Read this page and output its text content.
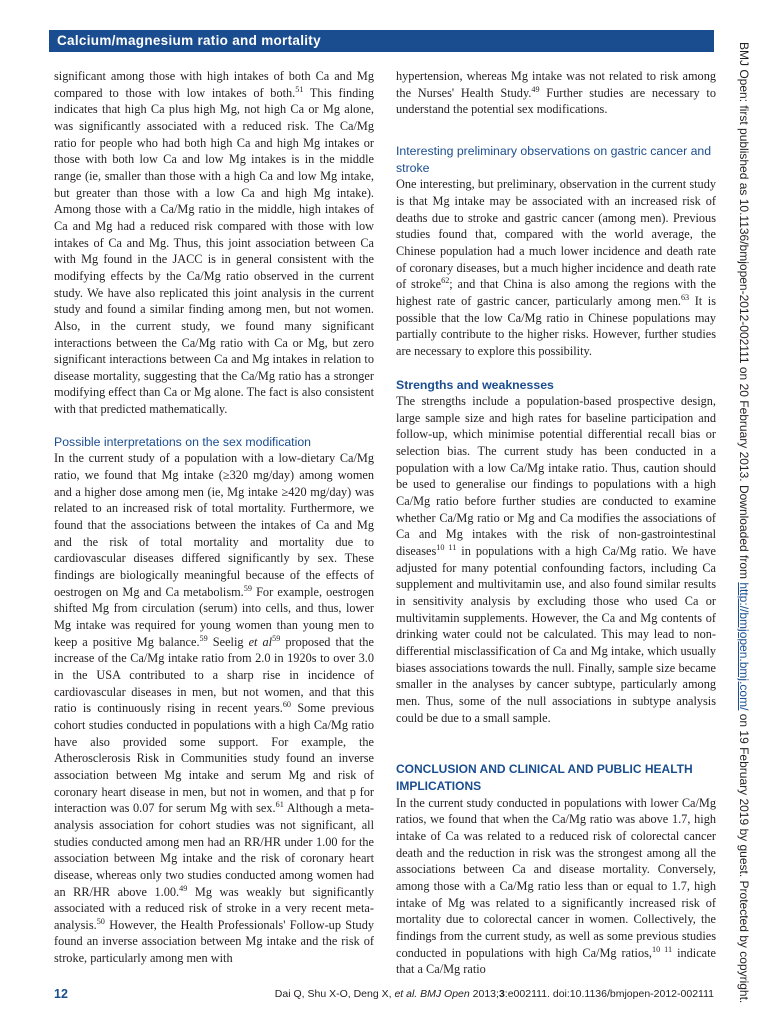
Calcium/magnesium ratio and mortality

significant among those with high intakes of both Ca and Mg compared to those with low intakes of both.$^{51}$ This finding indicates that high Ca plus high Mg, not high Ca or Mg alone, was significantly associated with a reduced risk. The Ca/Mg ratio for people who had both high Ca and high Mg intakes or those with both low Ca and low Mg intakes is in the middle range (ie, smaller than those with a high Ca and low Mg intake, but greater than those with a low Ca and high Mg intake). Among those with a Ca/Mg ratio in the middle, high intakes of Ca and Mg had a reduced risk compared with those with low intakes of Ca and Mg. Thus, this joint association between Ca with Mg found in the JACC is in general consistent with the modifying effects by the Ca/Mg ratio observed in the current study. We have also replicated this joint analysis in the current study and found a similar finding among men, but not women. Also, in the current study, we found many significant interactions between the Ca/Mg ratio with Ca or Mg, but zero significant interactions between Ca and Mg intakes in relation to disease mortality, suggesting that the Ca/Mg ratio has a stronger modifying effect than Ca or Mg alone. The fact is also consistent with that predicted mathematically.

Possible interpretations on the sex modification

In the current study of a population with a low-dietary Ca/Mg ratio, we found that Mg intake (≥320 mg/day) among women and a higher dose among men (ie, Mg intake ≥420 mg/day) was related to an increased risk of total mortality. Furthermore, we found that the associations between the intakes of Ca and Mg and the risk of total mortality and mortality due to cardiovascular diseases differed significantly by sex. These findings are biologically meaningful because of the effects of oestrogen on Mg and Ca metabolism.$^{59}$ For example, oestrogen shifted Mg from circulation (serum) into cells, and thus, lower Mg intake was required for young women than young men to keep a positive Mg balance.$^{59}$ Seelig et $al^{59}$ proposed that the increase of the Ca/Mg intake ratio from 2.0 in 1920s to over 3.0 in the USA contributed to a sharp rise in incidence of cardiovascular diseases in men, but not women, and that this ratio is continuously rising in recent years.$^{60}$ Some previous cohort studies conducted in populations with a high Ca/Mg ratio have also provided some support. For example, the Atherosclerosis Risk in Communities study found an inverse association between Mg intake and serum Mg and risk of coronary heart disease in men, but not in women, and that p for interaction was 0.07 for serum Mg with sex.$^{61}$ Although a meta-analysis association for cohort studies was not significant, all studies conducted among men had an RR/HR under 1.00 for the association between Mg intake and the risk of coronary heart disease, whereas only two studies conducted among women had an RR/HR above 1.00.49 Mg was weakly but significantly associated with a reduced risk of stroke in a very recent meta-analysis.$^{50}$ However, the Health Professionals' Follow-up Study found an inverse association between Mg intake and the risk of stroke, particularly among men with

hypertension, whereas Mg intake was not related to risk among the Nurses' Health Study.$^{49}$ Further studies are necessary to understand the potential sex modifications.

Interesting preliminary observations on gastric cancer and stroke

One interesting, but preliminary, observation in the current study is that Mg intake may be associated with an increased risk of deaths due to stroke and gastric cancer (among men). Previous studies found that, compared with the world average, the Chinese population had a much lower incidence and death rate of coronary diseases, but a much higher incidence and death rate of stroke$^{62}$; and that China is also among the regions with the highest rate of gastric cancer, particularly among men.$^{63}$ It is possible that the low Ca/Mg ratio in Chinese populations may partially contribute to the higher risks. However, further studies are necessary to explore this possibility.

Strengths and weaknesses

The strengths include a population-based prospective design, large sample size and high rates for baseline participation and follow-up, which minimise potential differential recall bias or selection bias. The current study has been conducted in a population with a low Ca/Mg intake ratio. Thus, caution should be used to generalise our findings to populations with a high Ca/Mg ratio before further studies are conducted to examine whether Ca/Mg ratio or Mg and Ca modifies the associations of Ca and Mg intakes with the risk of non-gastrointestinal diseases$^{10 11}$ in populations with a high Ca/Mg ratio. We have adjusted for many potential confounding factors, including Ca supplement and multivitamin use, and also found similar results in sensitivity analysis by excluding those who used Ca or multivitamin supplements. However, the Ca and Mg contents of drinking water could not be calculated. This may lead to non-differential misclassification of Ca and Mg intake, which usually biases associations towards the null. Finally, sample size became smaller in the analyses by cancer subtype, particularly among men. Thus, some of the null associations in subtype analysis could be due to a small sample.

CONCLUSION AND CLINICAL AND PUBLIC HEALTH IMPLICATIONS

In the current study conducted in populations with lower Ca/Mg ratios, we found that when the Ca/Mg ratio was above 1.7, high intake of Ca was related to a reduced risk of colorectal cancer death and the reduction in risk was the strongest among all the associations between Ca and disease mortality. Conversely, among those with a Ca/Mg ratio less than or equal to 1.7, high intake of Mg was related to a significantly increased risk of mortality due to colorectal cancer in women. Collectively, the findings from the current study, as well as some previous studies conducted in populations with high Ca/Mg ratios,$^{10 11}$ indicate that a Ca/Mg ratio

BMJ Open: first published as 10.1136/bmjopen-2012-002111 on 20 February 2013. Downloaded from http://bmjopen.bmj.com/ on 19 February 2019 by guest. Protected by copyright.
12	Dai Q, Shu X-O, Deng X, et al. BMJ Open 2013;3:e002111. doi:10.1136/bmjopen-2012-002111
